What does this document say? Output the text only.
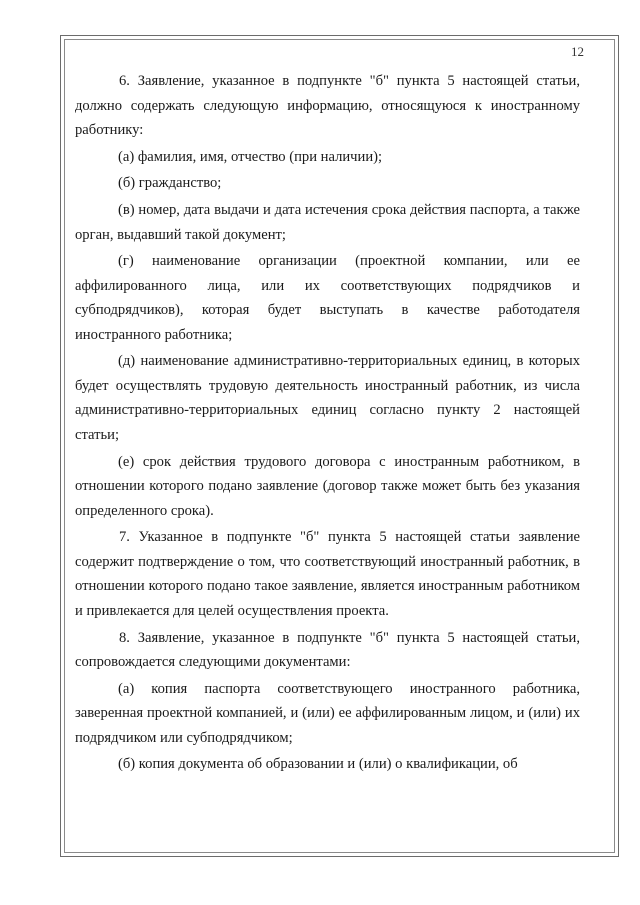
12

6. Заявление, указанное в подпункте "б" пункта 5 настоящей статьи, должно содержать следующую информацию, относящуюся к иностранному работнику:

(а) фамилия, имя, отчество (при наличии);

(б) гражданство;

(в) номер, дата выдачи и дата истечения срока действия паспорта, а также орган, выдавший такой документ;

(г) наименование организации (проектной компании, или ее аффилированного лица, или их соответствующих подрядчиков и субподрядчиков), которая будет выступать в качестве работодателя иностранного работника;

(д) наименование административно-территориальных единиц, в которых будет осуществлять трудовую деятельность иностранный работник, из числа административно-территориальных единиц согласно пункту 2 настоящей статьи;

(е) срок действия трудового договора с иностранным работником, в отношении которого подано заявление (договор также может быть без указания определенного срока).

7. Указанное в подпункте "б" пункта 5 настоящей статьи заявление содержит подтверждение о том, что соответствующий иностранный работник, в отношении которого подано такое заявление, является иностранным работником и привлекается для целей осуществления проекта.

8. Заявление, указанное в подпункте "б" пункта 5 настоящей статьи, сопровождается следующими документами:

(а) копия паспорта соответствующего иностранного работника, заверенная проектной компанией, и (или) ее аффилированным лицом, и (или) их подрядчиком или субподрядчиком;

(б) копия документа об образовании и (или) о квалификации, об
